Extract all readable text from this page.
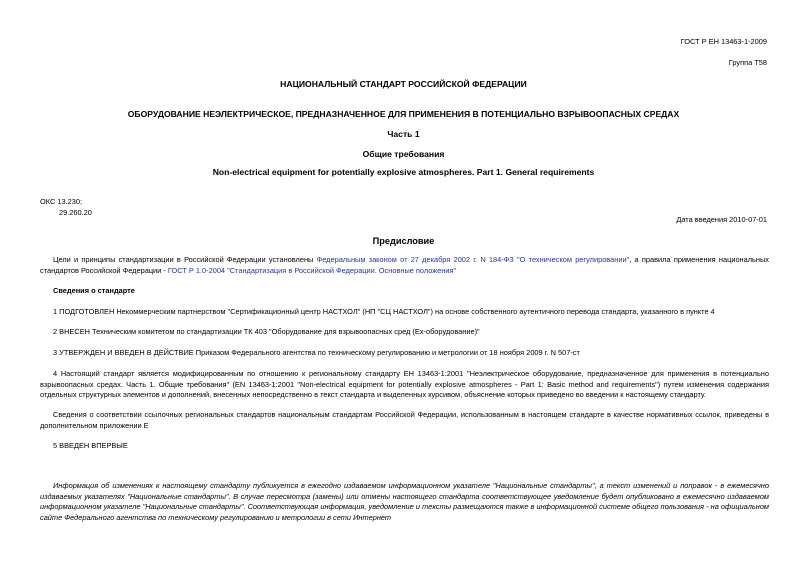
ГОСТ Р ЕН 13463-1-2009
Группа Т58
НАЦИОНАЛЬНЫЙ СТАНДАРТ РОССИЙСКОЙ ФЕДЕРАЦИИ
ОБОРУДОВАНИЕ НЕЭЛЕКТРИЧЕСКОЕ, ПРЕДНАЗНАЧЕННОЕ ДЛЯ ПРИМЕНЕНИЯ В ПОТЕНЦИАЛЬНО ВЗРЫВООПАСНЫХ СРЕДАХ
Часть 1
Общие требования
Non-electrical equipment for potentially explosive atmospheres. Part 1. General requirements
ОКС 13.230;
29.260.20
Дата введения 2010-07-01
Предисловие
Цели и принципы стандартизации в Российской Федерации установлены Федеральным законом от 27 декабря 2002 г. N 184-ФЗ "О техническом регулировании", а правила применения национальных стандартов Российской Федерации - ГОСТ Р 1.0-2004 "Стандартизация в Российской Федерации. Основные положения"
Сведения о стандарте
1 ПОДГОТОВЛЕН Некоммерческим партнерством "Сертификационный центр НАСТХОЛ" (НП "СЦ НАСТХОЛ") на основе собственного аутентичного перевода стандарта, указанного в пункте 4
2 ВНЕСЕН Техническим комитетом по стандартизации ТК 403 "Оборудование для взрывоопасных сред (Ex-оборудование)"
3 УТВЕРЖДЕН И ВВЕДЕН В ДЕЙСТВИЕ Приказом Федерального агентства по техническому регулированию и метрологии от 18 ноября 2009 г. N 507-ст
4 Настоящий стандарт является модифицированным по отношению к региональному стандарту ЕН 13463-1:2001 "Неэлектрическое оборудование, предназначенное для применения в потенциально взрывоопасных средах. Часть 1. Общие требования" (EN 13463-1:2001 "Non-electrical equipment for potentially explosive atmospheres - Part 1: Basic method and requirements") путем изменения содержания отдельных структурных элементов и дополнений, внесенных непосредственно в текст стандарта и выделенных курсивом, объяснение которых приведено во введении к настоящему стандарту.
Сведения о соответствии ссылочных региональных стандартов национальным стандартам Российской Федерации, использованным в настоящем стандарте в качестве нормативных ссылок, приведены в дополнительном приложении Е
5 ВВЕДЕН ВПЕРВЫЕ
Информация об изменениях к настоящему стандарту публикуется в ежегодно издаваемом информационном указателе "Национальные стандарты", а текст изменений и поправок - в ежемесячно издаваемых указателях "Национальные стандарты". В случае пересмотра (замены) или отмены настоящего стандарта соответствующее уведомление будет опубликовано в ежемесячно издаваемом информационном указателе "Национальные стандарты". Соответствующая информация, уведомление и тексты размещаются также в информационной системе общего пользования - на официальном сайте Федерального агентства по техническому регулированию и метрологии в сети Интернет
